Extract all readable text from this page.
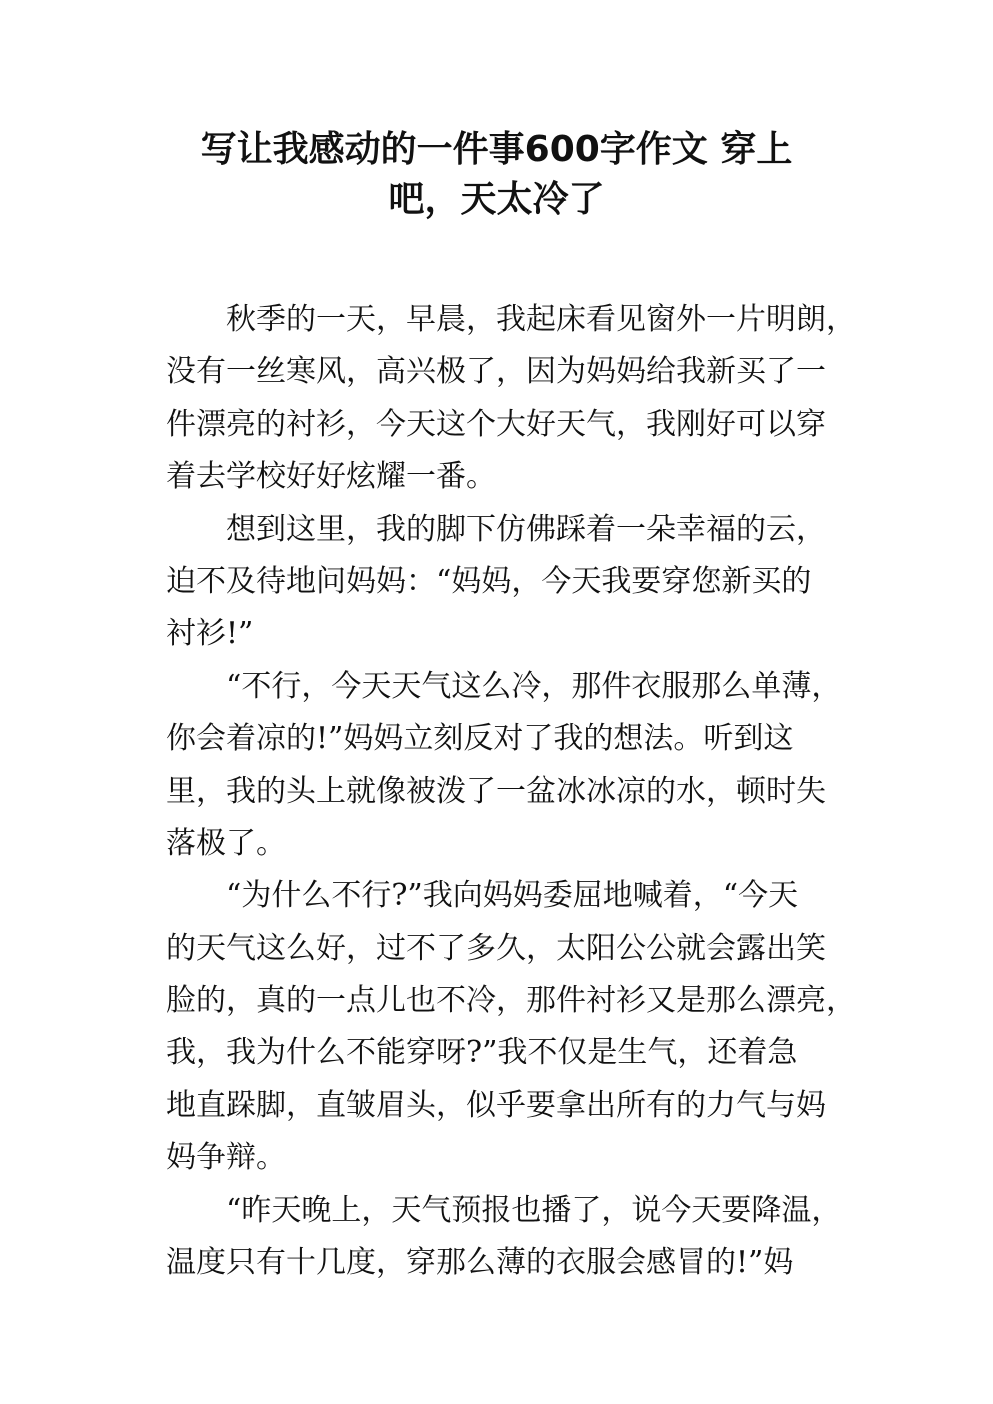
写让我感动的一件事600字作文 穿上
吧，天太冷了
秋季的一天，早晨，我起床看见窗外一片明朗，
没有一丝寒风，高兴极了，因为妈妈给我新买了一
件漂亮的衬衫，今天这个大好天气，我刚好可以穿
着去学校好好炫耀一番。
想到这里，我的脚下仿佛踩着一朵幸福的云，
迫不及待地问妈妈：“妈妈，今天我要穿您新买的
衬衫!”
“不行，今天天气这么冷，那件衣服那么单薄，
你会着凉的!”妈妈立刻反对了我的想法。听到这
里，我的头上就像被泼了一盆冰冰凉的水，顿时失
落极了。
“为什么不行?”我向妈妈委屈地喊着，“今天
的天气这么好，过不了多久，太阳公公就会露出笑
脸的，真的一点儿也不冷，那件衬衫又是那么漂亮，
我，我为什么不能穿呀?”我不仅是生气，还着急
地直跺脚，直皱眉头，似乎要拿出所有的力气与妈
妈争辩。
“昨天晚上，天气预报也播了，说今天要降温，
温度只有十几度，穿那么薄的衣服会感冒的!”妈
